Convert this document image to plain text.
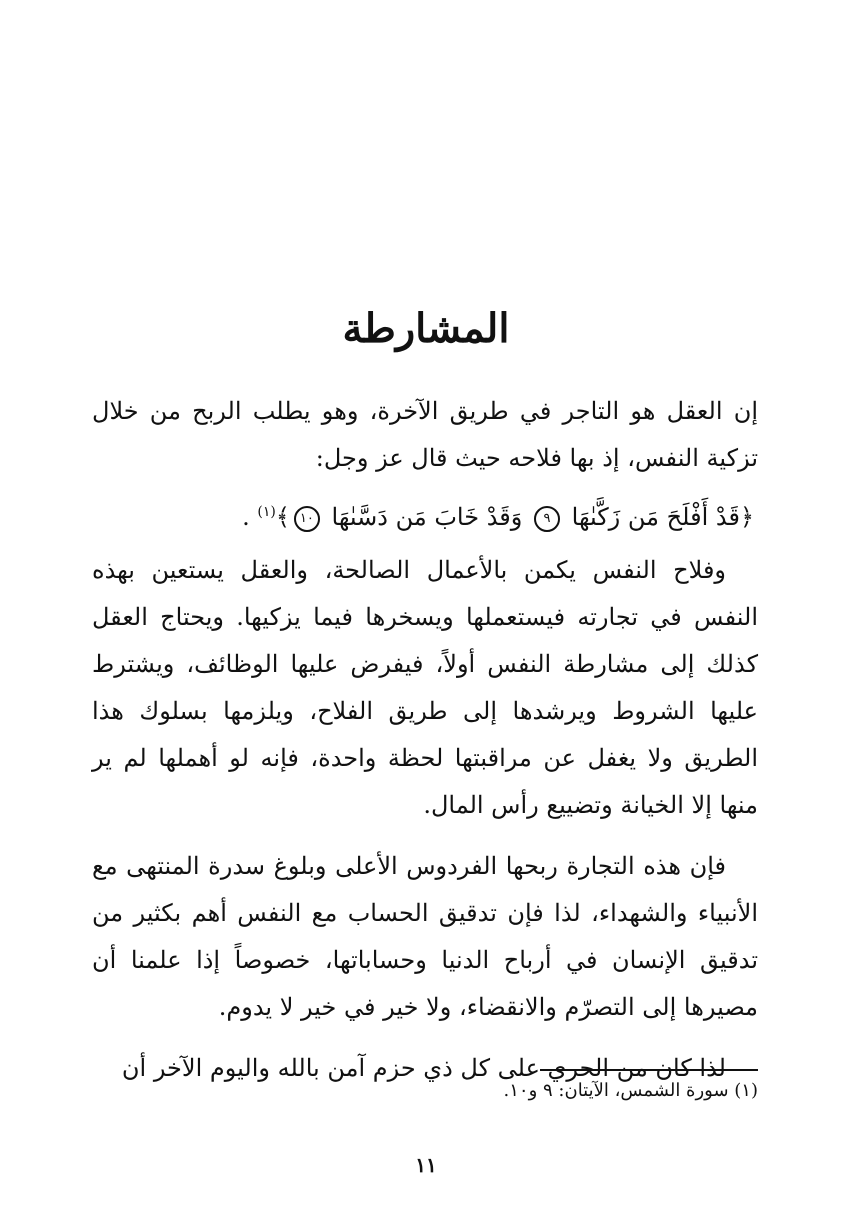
المشارطة

إن العقل هو التاجر في طريق الآخرة، وهو يطلب الربح من خلال تزكية النفس، إذ بها فلاحه حيث قال عز وجل:

﴿قَدْ أَفْلَحَ مَن زَكَّىٰهَا ٩ وَقَدْ خَابَ مَن دَسَّىٰهَا ١٠﴾$^{(١)}$ .

وفلاح النفس يكمن بالأعمال الصالحة، والعقل يستعين بهذه النفس في تجارته فيستعملها ويسخرها فيما يزكيها. ويحتاج العقل كذلك إلى مشارطة النفس أولاً، فيفرض عليها الوظائف، ويشترط عليها الشروط ويرشدها إلى طريق الفلاح، ويلزمها بسلوك هذا الطريق ولا يغفل عن مراقبتها لحظة واحدة، فإنه لو أهملها لم ير منها إلا الخيانة وتضييع رأس المال.

فإن هذه التجارة ربحها الفردوس الأعلى وبلوغ سدرة المنتهى مع الأنبياء والشهداء، لذا فإن تدقيق الحساب مع النفس أهم بكثير من تدقيق الإنسان في أرباح الدنيا وحساباتها، خصوصاً إذا علمنا أن مصيرها إلى التصرّم والانقضاء، ولا خير في خير لا يدوم.

لذا كان من الحري على كل ذي حزم آمن بالله واليوم الآخر أن

(١) سورة الشمس، الآيتان: ٩ و١٠.
١١
